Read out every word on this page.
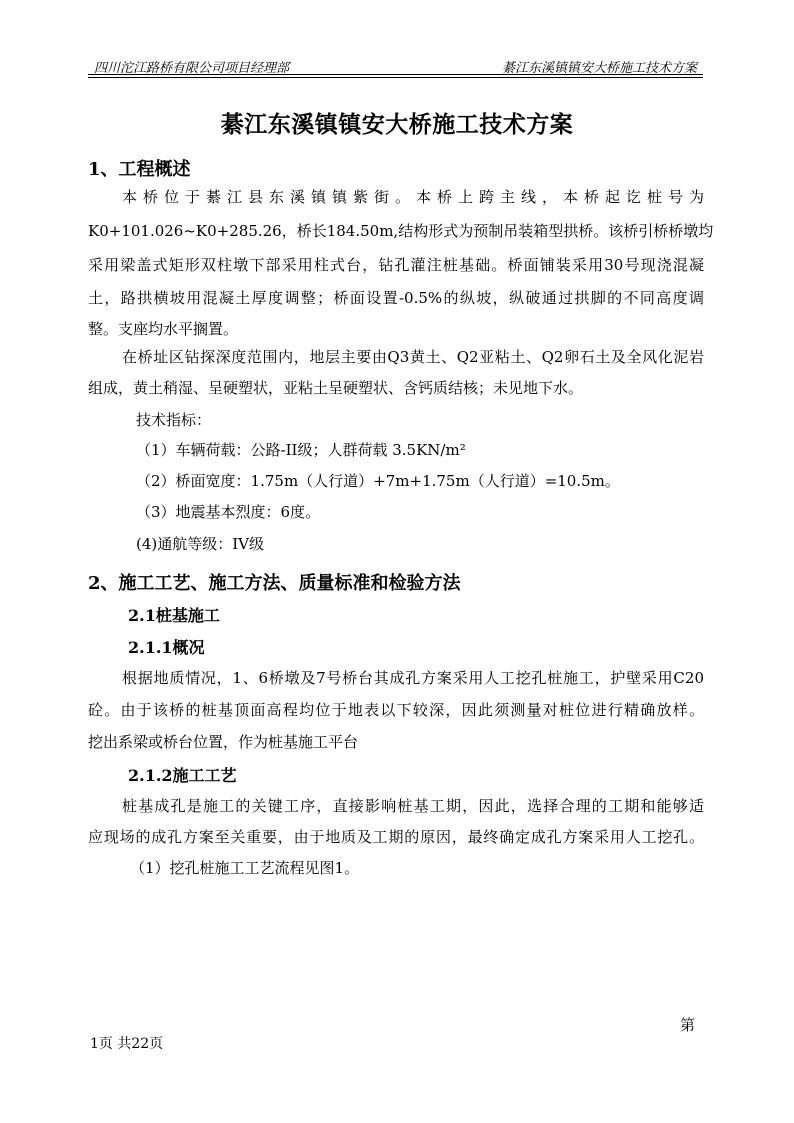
四川沱江路桥有限公司项目经理部	綦江东溪镇镇安大桥施工技术方案
綦江东溪镇镇安大桥施工技术方案
1、工程概述
本桥位于綦江县东溪镇镇紫街。本桥上跨主线，本桥起讫桩号为
K0+101.026~K0+285.26，桥长184.50m,结构形式为预制吊装箱型拱桥。该桥引桥桥墩均
采用梁盖式矩形双柱墩下部采用柱式台，钻孔灌注桩基础。桥面铺装采用30号现浇混凝
土，路拱横坡用混凝土厚度调整；桥面设置-0.5%的纵坡，纵破通过拱脚的不同高度调
整。支座均水平搁置。
在桥址区钻探深度范围内，地层主要由Q3黄土、Q2亚粘土、Q2卵石土及全风化泥岩
组成，黄土稍湿、呈硬塑状，亚粘土呈硬塑状、含钙质结核；未见地下水。
技术指标：
（1）车辆荷载：公路-II级；人群荷载 3.5KN/m²
（2）桥面宽度：1.75m（人行道）+7m+1.75m（人行道）=10.5m。
（3）地震基本烈度：6度。
(4)通航等级：IV级
2、施工工艺、施工方法、质量标准和检验方法
2.1桩基施工
2.1.1概况
根据地质情况，1、6桥墩及7号桥台其成孔方案采用人工挖孔桩施工，护壁采用C20
砼。由于该桥的桩基顶面高程均位于地表以下较深，因此须测量对桩位进行精确放样。
挖出系梁或桥台位置，作为桩基施工平台
2.1.2施工工艺
桩基成孔是施工的关键工序，直接影响桩基工期，因此，选择合理的工期和能够适
应现场的成孔方案至关重要，由于地质及工期的原因，最终确定成孔方案采用人工挖孔。
（1）挖孔桩施工工艺流程见图1。
第
1页 共22页
